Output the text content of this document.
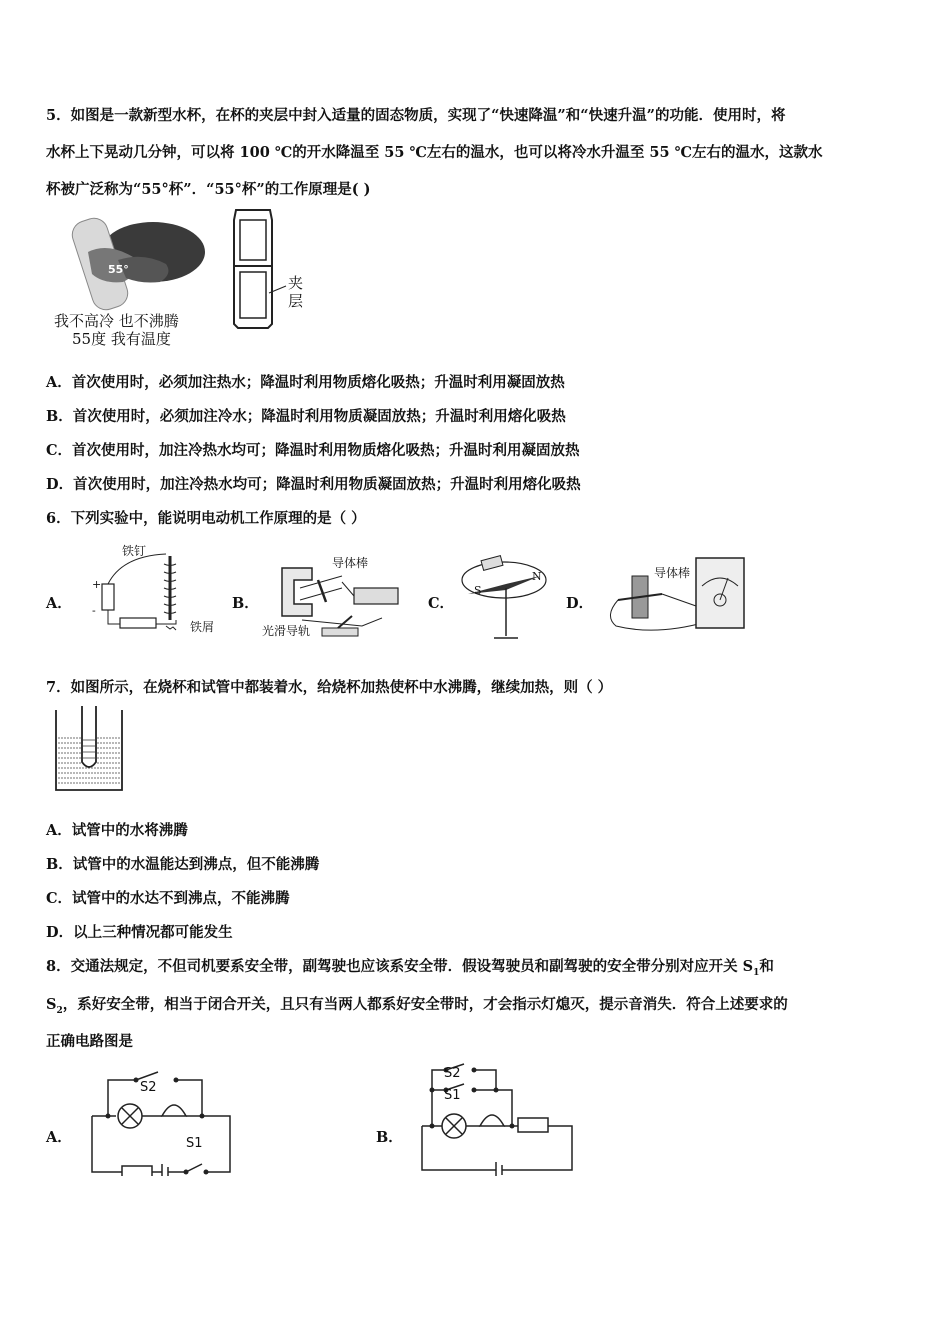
5．如图是一款新型水杯，在杯的夹层中封入适量的固态物质，实现了“快速降温”和“快速升温”的功能．使用时，将
水杯上下晃动几分钟，可以将 100 ℃的开水降温至 55 ℃左右的温水，也可以将冷水升温至 55 ℃左右的温水，这款水
杯被广泛称为“55°杯”．“55°杯”的工作原理是( )
55°
我不高冷 也不沸腾
55度 我有温度
夹
层
A．首次使用时，必须加注热水；降温时利用物质熔化吸热；升温时利用凝固放热
B．首次使用时，必须加注冷水；降温时利用物质凝固放热；升温时利用熔化吸热
C．首次使用时，加注冷热水均可；降温时利用物质熔化吸热；升温时利用凝固放热
D．首次使用时，加注冷热水均可；降温时利用物质凝固放热；升温时利用熔化吸热
6．下列实验中，能说明电动机工作原理的是（ ）
A．
铁钉
铁屑
+
-	B．
导体棒
光滑导轨
C．
S
N
D．
导体棒
7．如图所示，在烧杯和试管中都装着水，给烧杯加热使杯中水沸腾，继续加热，则（ ）
A．试管中的水将沸腾
B．试管中的水温能达到沸点，但不能沸腾
C．试管中的水达不到沸点，不能沸腾
D．以上三种情况都可能发生
8．交通法规定，不但司机要系安全带，副驾驶也应该系安全带．假设驾驶员和副驾驶的安全带分别对应开关 $S_1$和
$S_2$，系好安全带，相当于闭合开关，且只有当两人都系好安全带时，才会指示灯熄灭，提示音消失．符合上述要求的
正确电路图是
A．
S2
S1	B．
S2
S1
